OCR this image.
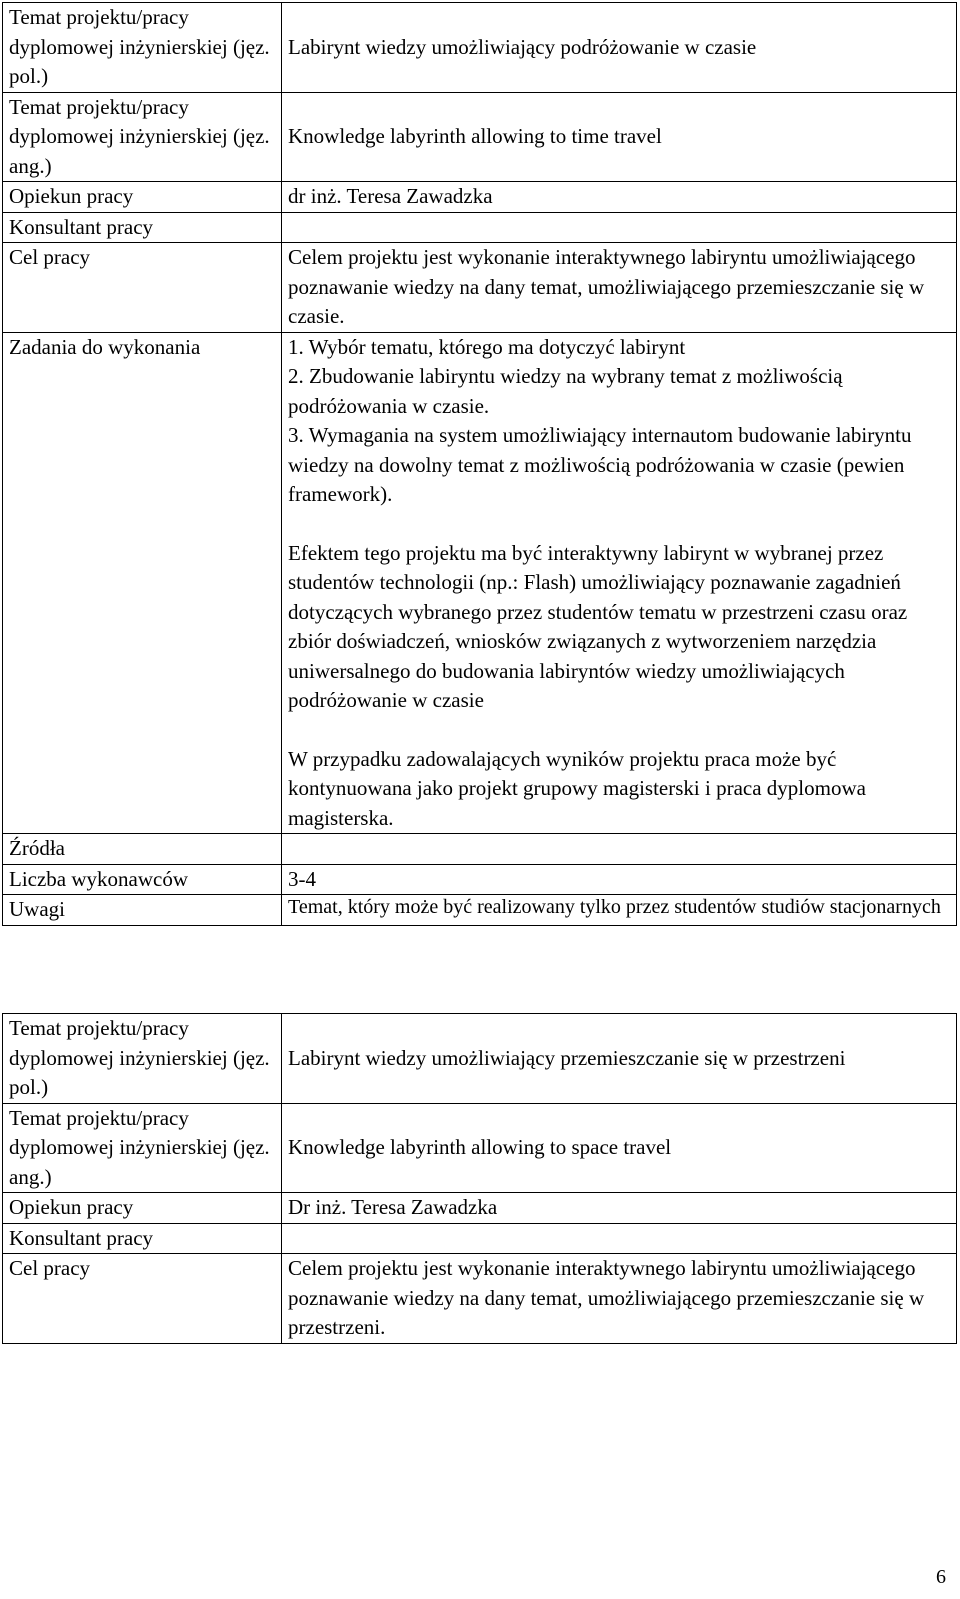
Temat projektu/pracy dyplomowej inżynierskiej (jęz. pol.)	Labirynt wiedzy umożliwiający podróżowanie w czasie
Temat projektu/pracy dyplomowej inżynierskiej (jęz. ang.)	Knowledge labyrinth allowing to time travel
Opiekun pracy	dr inż. Teresa Zawadzka
Konsultant pracy	
Cel pracy	Celem projektu jest wykonanie interaktywnego labiryntu umożliwiającego poznawanie wiedzy na dany temat, umożliwiającego przemieszczanie się w czasie.
Zadania do wykonania	1. Wybór tematu, którego ma dotyczyć labirynt

2. Zbudowanie labiryntu wiedzy na wybrany temat z możliwością podróżowania w czasie.

3. Wymagania na system umożliwiający internautom budowanie labiryntu wiedzy na dowolny temat z możliwością podróżowania w czasie (pewien framework).

Efektem tego projektu ma być interaktywny labirynt w wybranej przez studentów technologii (np.: Flash) umożliwiający poznawanie zagadnień dotyczących wybranego przez studentów tematu w przestrzeni czasu oraz zbiór doświadczeń, wniosków związanych z wytworzeniem narzędzia uniwersalnego do budowania labiryntów wiedzy umożliwiających podróżowanie w czasie

W przypadku zadowalających wyników projektu praca może być kontynuowana jako projekt grupowy magisterski i praca dyplomowa magisterska.

Źródła	
Liczba wykonawców	3-4
Uwagi	Temat, który może być realizowany tylko przez studentów studiów stacjonarnych
Temat projektu/pracy dyplomowej inżynierskiej (jęz. pol.)	Labirynt wiedzy umożliwiający przemieszczanie się w przestrzeni
Temat projektu/pracy dyplomowej inżynierskiej (jęz. ang.)	Knowledge labyrinth allowing to space travel
Opiekun pracy	Dr inż. Teresa Zawadzka
Konsultant pracy	
Cel pracy	Celem projektu jest wykonanie interaktywnego labiryntu umożliwiającego poznawanie wiedzy na dany temat, umożliwiającego przemieszczanie się w przestrzeni.
6
